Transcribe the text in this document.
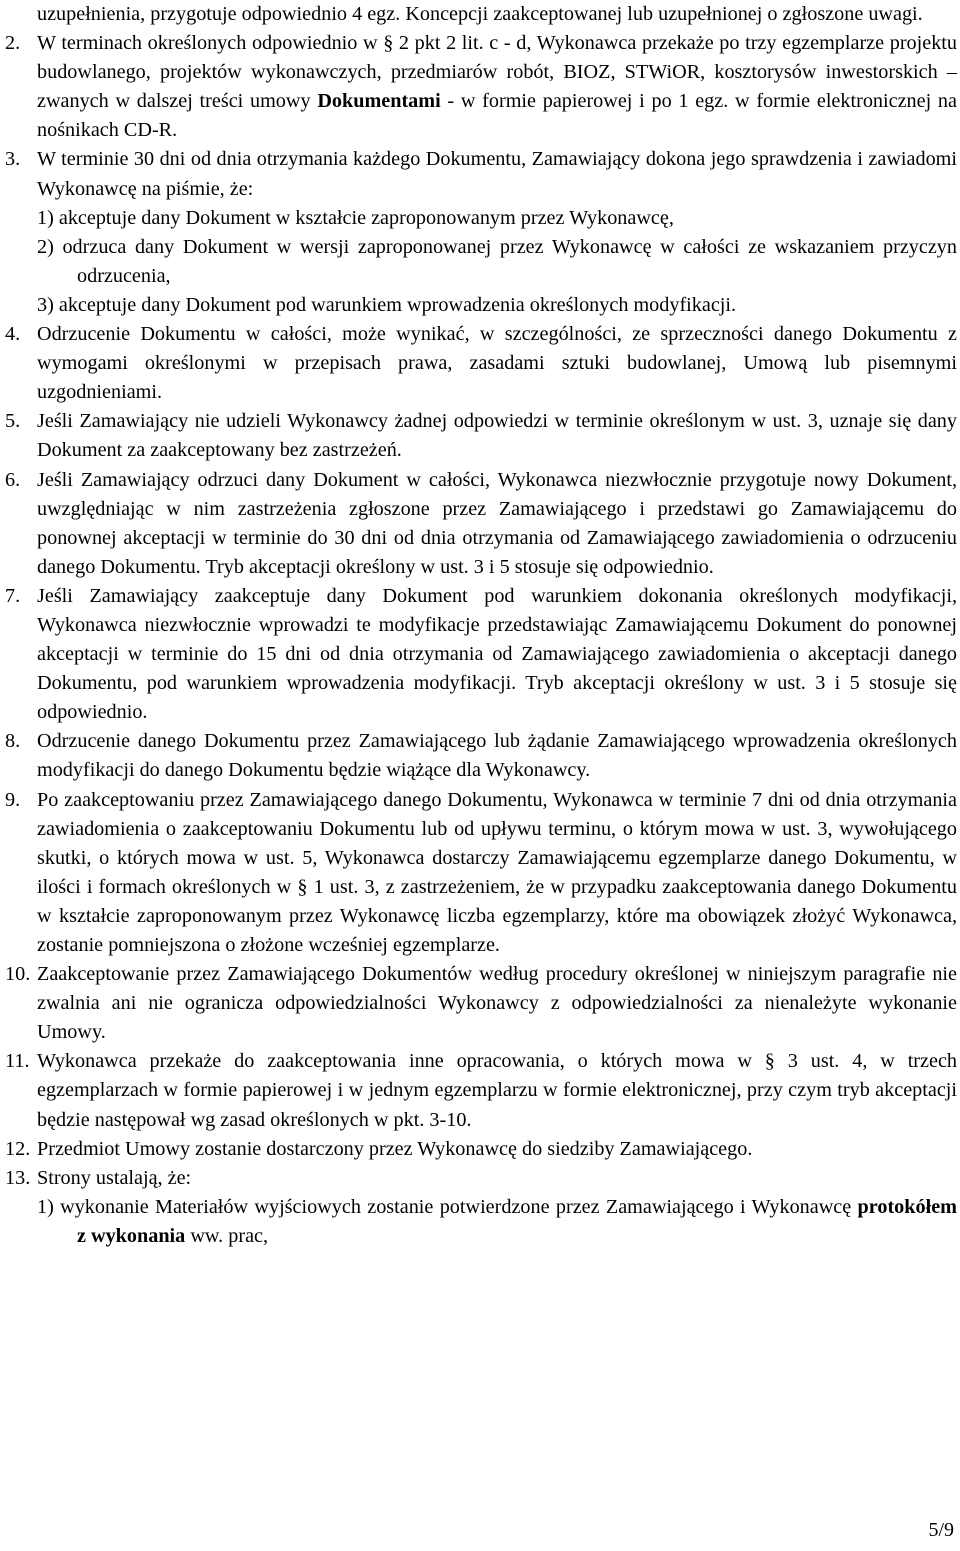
uzupełnienia, przygotuje odpowiednio 4 egz. Koncepcji zaakceptowanej lub uzupełnionej o zgłoszone uwagi.

2. W terminach określonych odpowiednio w § 2 pkt 2 lit. c - d, Wykonawca przekaże po trzy egzemplarze projektu budowlanego, projektów wykonawczych, przedmiarów robót, BIOZ, STWiOR, kosztorysów inwestorskich – zwanych w dalszej treści umowy Dokumentami - w formie papierowej i po 1 egz. w formie elektronicznej na nośnikach CD-R.

3. W terminie 30 dni od dnia otrzymania każdego Dokumentu, Zamawiający dokona jego sprawdzenia i zawiadomi Wykonawcę na piśmie, że:

1) akceptuje dany Dokument w kształcie zaproponowanym przez Wykonawcę,

2) odrzuca dany Dokument w wersji zaproponowanej przez Wykonawcę w całości ze wskazaniem przyczyn odrzucenia,

3) akceptuje dany Dokument pod warunkiem wprowadzenia określonych modyfikacji.

4. Odrzucenie Dokumentu w całości, może wynikać, w szczególności, ze sprzeczności danego Dokumentu z wymogami określonymi w przepisach prawa, zasadami sztuki budowlanej, Umową lub pisemnymi uzgodnieniami.

5. Jeśli Zamawiający nie udzieli Wykonawcy żadnej odpowiedzi w terminie określonym w ust. 3, uznaje się dany Dokument za zaakceptowany bez zastrzeżeń.

6. Jeśli Zamawiający odrzuci dany Dokument w całości, Wykonawca niezwłocznie przygotuje nowy Dokument, uwzględniając w nim zastrzeżenia zgłoszone przez Zamawiającego i przedstawi go Zamawiającemu do ponownej akceptacji w terminie do 30 dni od dnia otrzymania od Zamawiającego zawiadomienia o odrzuceniu danego Dokumentu. Tryb akceptacji określony w ust. 3 i 5 stosuje się odpowiednio.

7. Jeśli Zamawiający zaakceptuje dany Dokument pod warunkiem dokonania określonych modyfikacji, Wykonawca niezwłocznie wprowadzi te modyfikacje przedstawiając Zamawiającemu Dokument do ponownej akceptacji w terminie do 15 dni od dnia otrzymania od Zamawiającego zawiadomienia o akceptacji danego Dokumentu, pod warunkiem wprowadzenia modyfikacji. Tryb akceptacji określony w ust. 3 i 5 stosuje się odpowiednio.

8. Odrzucenie danego Dokumentu przez Zamawiającego lub żądanie Zamawiającego wprowadzenia określonych modyfikacji do danego Dokumentu będzie wiążące dla Wykonawcy.

9. Po zaakceptowaniu przez Zamawiającego danego Dokumentu, Wykonawca w terminie 7 dni od dnia otrzymania zawiadomienia o zaakceptowaniu Dokumentu lub od upływu terminu, o którym mowa w ust. 3, wywołującego skutki, o których mowa w ust. 5, Wykonawca dostarczy Zamawiającemu egzemplarze danego Dokumentu, w ilości i formach określonych w § 1 ust. 3, z zastrzeżeniem, że w przypadku zaakceptowania danego Dokumentu w kształcie zaproponowanym przez Wykonawcę liczba egzemplarzy, które ma obowiązek złożyć Wykonawca, zostanie pomniejszona o złożone wcześniej egzemplarze.

10. Zaakceptowanie przez Zamawiającego Dokumentów według procedury określonej w niniejszym paragrafie nie zwalnia ani nie ogranicza odpowiedzialności Wykonawcy z odpowiedzialności za nienależyte wykonanie Umowy.

11. Wykonawca przekaże do zaakceptowania inne opracowania, o których mowa w § 3 ust. 4, w trzech egzemplarzach w formie papierowej i w jednym egzemplarzu w formie elektronicznej, przy czym tryb akceptacji będzie następował wg zasad określonych w pkt. 3-10.

12. Przedmiot Umowy zostanie dostarczony przez Wykonawcę do siedziby Zamawiającego.

13. Strony ustalają, że:

1) wykonanie Materiałów wyjściowych zostanie potwierdzone przez Zamawiającego i Wykonawcę protokółem z wykonania ww. prac,

5/9
